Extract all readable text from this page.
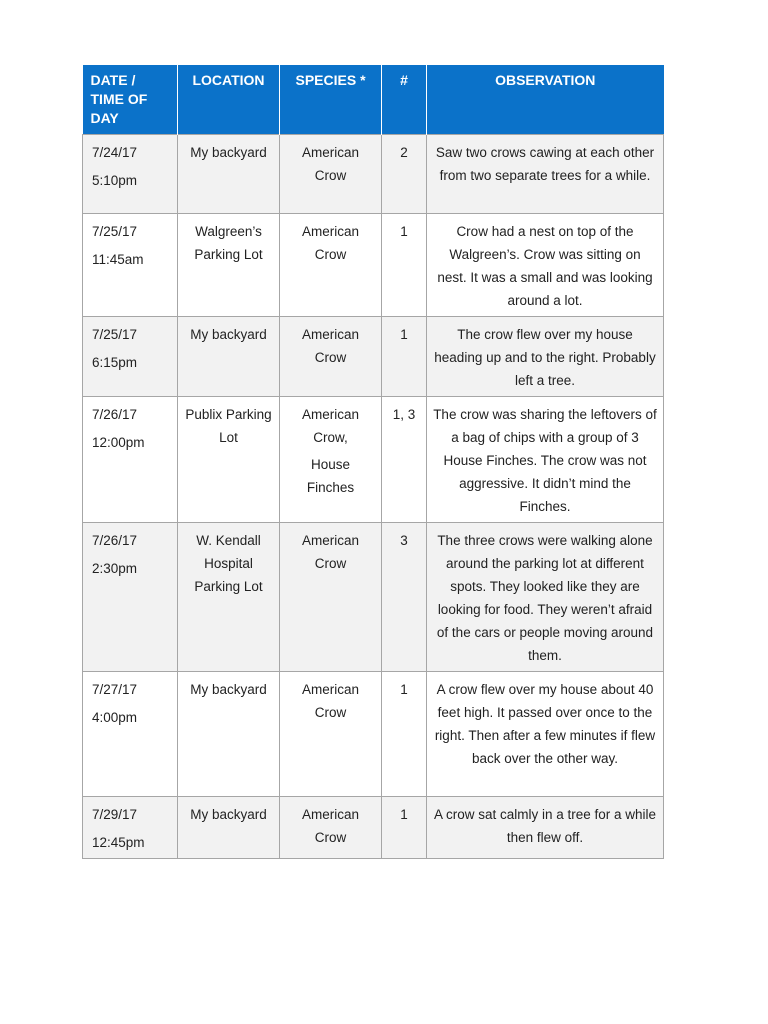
DATE /
TIME OF
DAY	LOCATION	SPECIES *	#	OBSERVATION

7/24/17
5:10pm	My backyard	American Crow	2	Saw two crows cawing at each other from two separate trees for a while.

7/25/17
11:45am	Walgreen’s Parking Lot	American Crow	1	Crow had a nest on top of the Walgreen’s. Crow was sitting on nest. It was a small and was looking around a lot.

7/25/17
6:15pm	My backyard	American Crow	1	The crow flew over my house heading up and to the right. Probably left a tree.

7/26/17
12:00pm	Publix Parking Lot	American Crow,
House Finches	1, 3	The crow was sharing the leftovers of a bag of chips with a group of 3 House Finches. The crow was not aggressive. It didn’t mind the Finches.

7/26/17
2:30pm	W. Kendall Hospital Parking Lot	American Crow	3	The three crows were walking alone around the parking lot at different spots. They looked like they are looking for food. They weren’t afraid of the cars or people moving around them.

7/27/17
4:00pm	My backyard	American Crow	1	A crow flew over my house about 40 feet high. It passed over once to the right. Then after a few minutes if flew back over the other way.

7/29/17
12:45pm	My backyard	American Crow	1	A crow sat calmly in a tree for a while then flew off.
